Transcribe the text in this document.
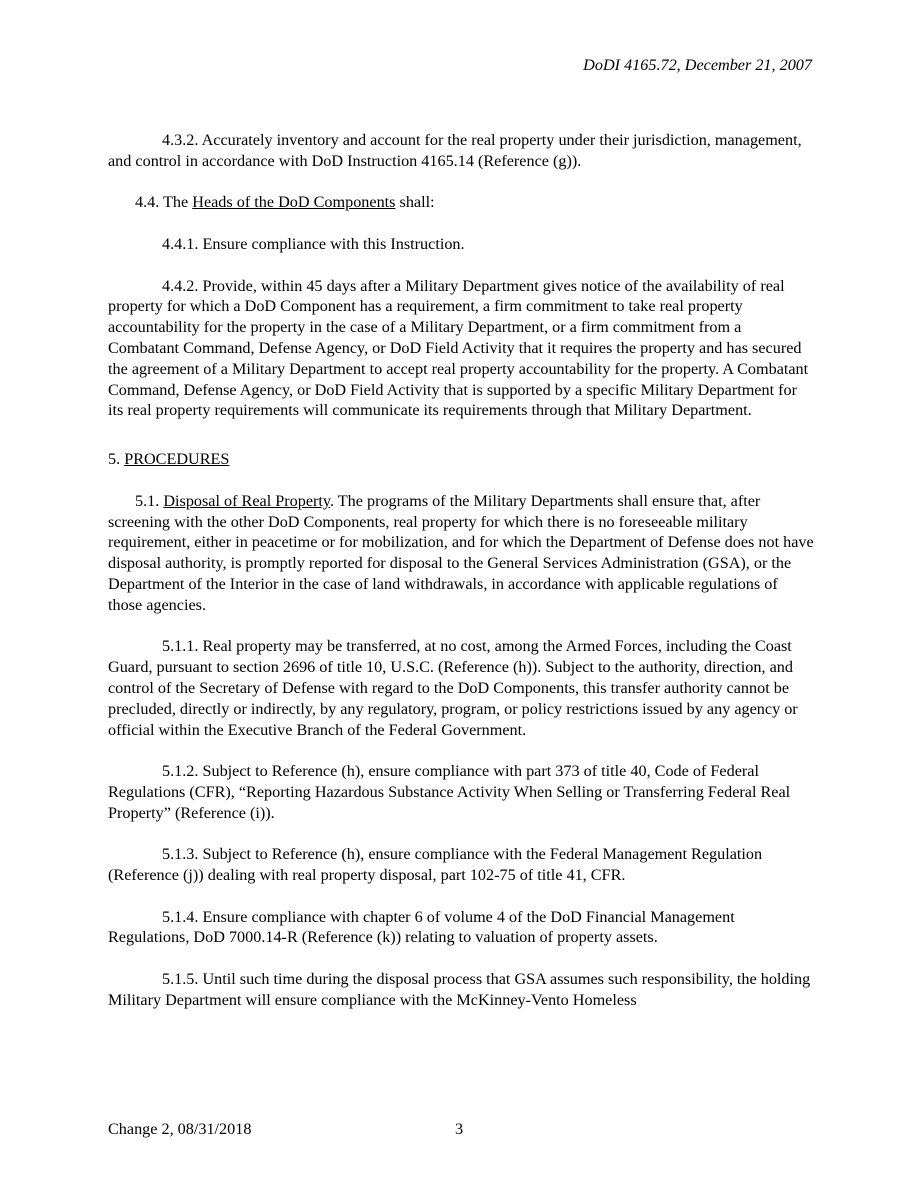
DoDI 4165.72, December 21, 2007

4.3.2. Accurately inventory and account for the real property under their jurisdiction, management, and control in accordance with DoD Instruction 4165.14 (Reference (g)).

4.4. The Heads of the DoD Components shall:

4.4.1. Ensure compliance with this Instruction.

4.4.2. Provide, within 45 days after a Military Department gives notice of the availability of real property for which a DoD Component has a requirement, a firm commitment to take real property accountability for the property in the case of a Military Department, or a firm commitment from a Combatant Command, Defense Agency, or DoD Field Activity that it requires the property and has secured the agreement of a Military Department to accept real property accountability for the property. A Combatant Command, Defense Agency, or DoD Field Activity that is supported by a specific Military Department for its real property requirements will communicate its requirements through that Military Department.

5. PROCEDURES

5.1. Disposal of Real Property. The programs of the Military Departments shall ensure that, after screening with the other DoD Components, real property for which there is no foreseeable military requirement, either in peacetime or for mobilization, and for which the Department of Defense does not have disposal authority, is promptly reported for disposal to the General Services Administration (GSA), or the Department of the Interior in the case of land withdrawals, in accordance with applicable regulations of those agencies.

5.1.1. Real property may be transferred, at no cost, among the Armed Forces, including the Coast Guard, pursuant to section 2696 of title 10, U.S.C. (Reference (h)). Subject to the authority, direction, and control of the Secretary of Defense with regard to the DoD Components, this transfer authority cannot be precluded, directly or indirectly, by any regulatory, program, or policy restrictions issued by any agency or official within the Executive Branch of the Federal Government.

5.1.2. Subject to Reference (h), ensure compliance with part 373 of title 40, Code of Federal Regulations (CFR), “Reporting Hazardous Substance Activity When Selling or Transferring Federal Real Property” (Reference (i)).

5.1.3. Subject to Reference (h), ensure compliance with the Federal Management Regulation (Reference (j)) dealing with real property disposal, part 102-75 of title 41, CFR.

5.1.4. Ensure compliance with chapter 6 of volume 4 of the DoD Financial Management Regulations, DoD 7000.14-R (Reference (k)) relating to valuation of property assets.

5.1.5. Until such time during the disposal process that GSA assumes such responsibility, the holding Military Department will ensure compliance with the McKinney-Vento Homeless

Change 2, 08/31/2018	3
